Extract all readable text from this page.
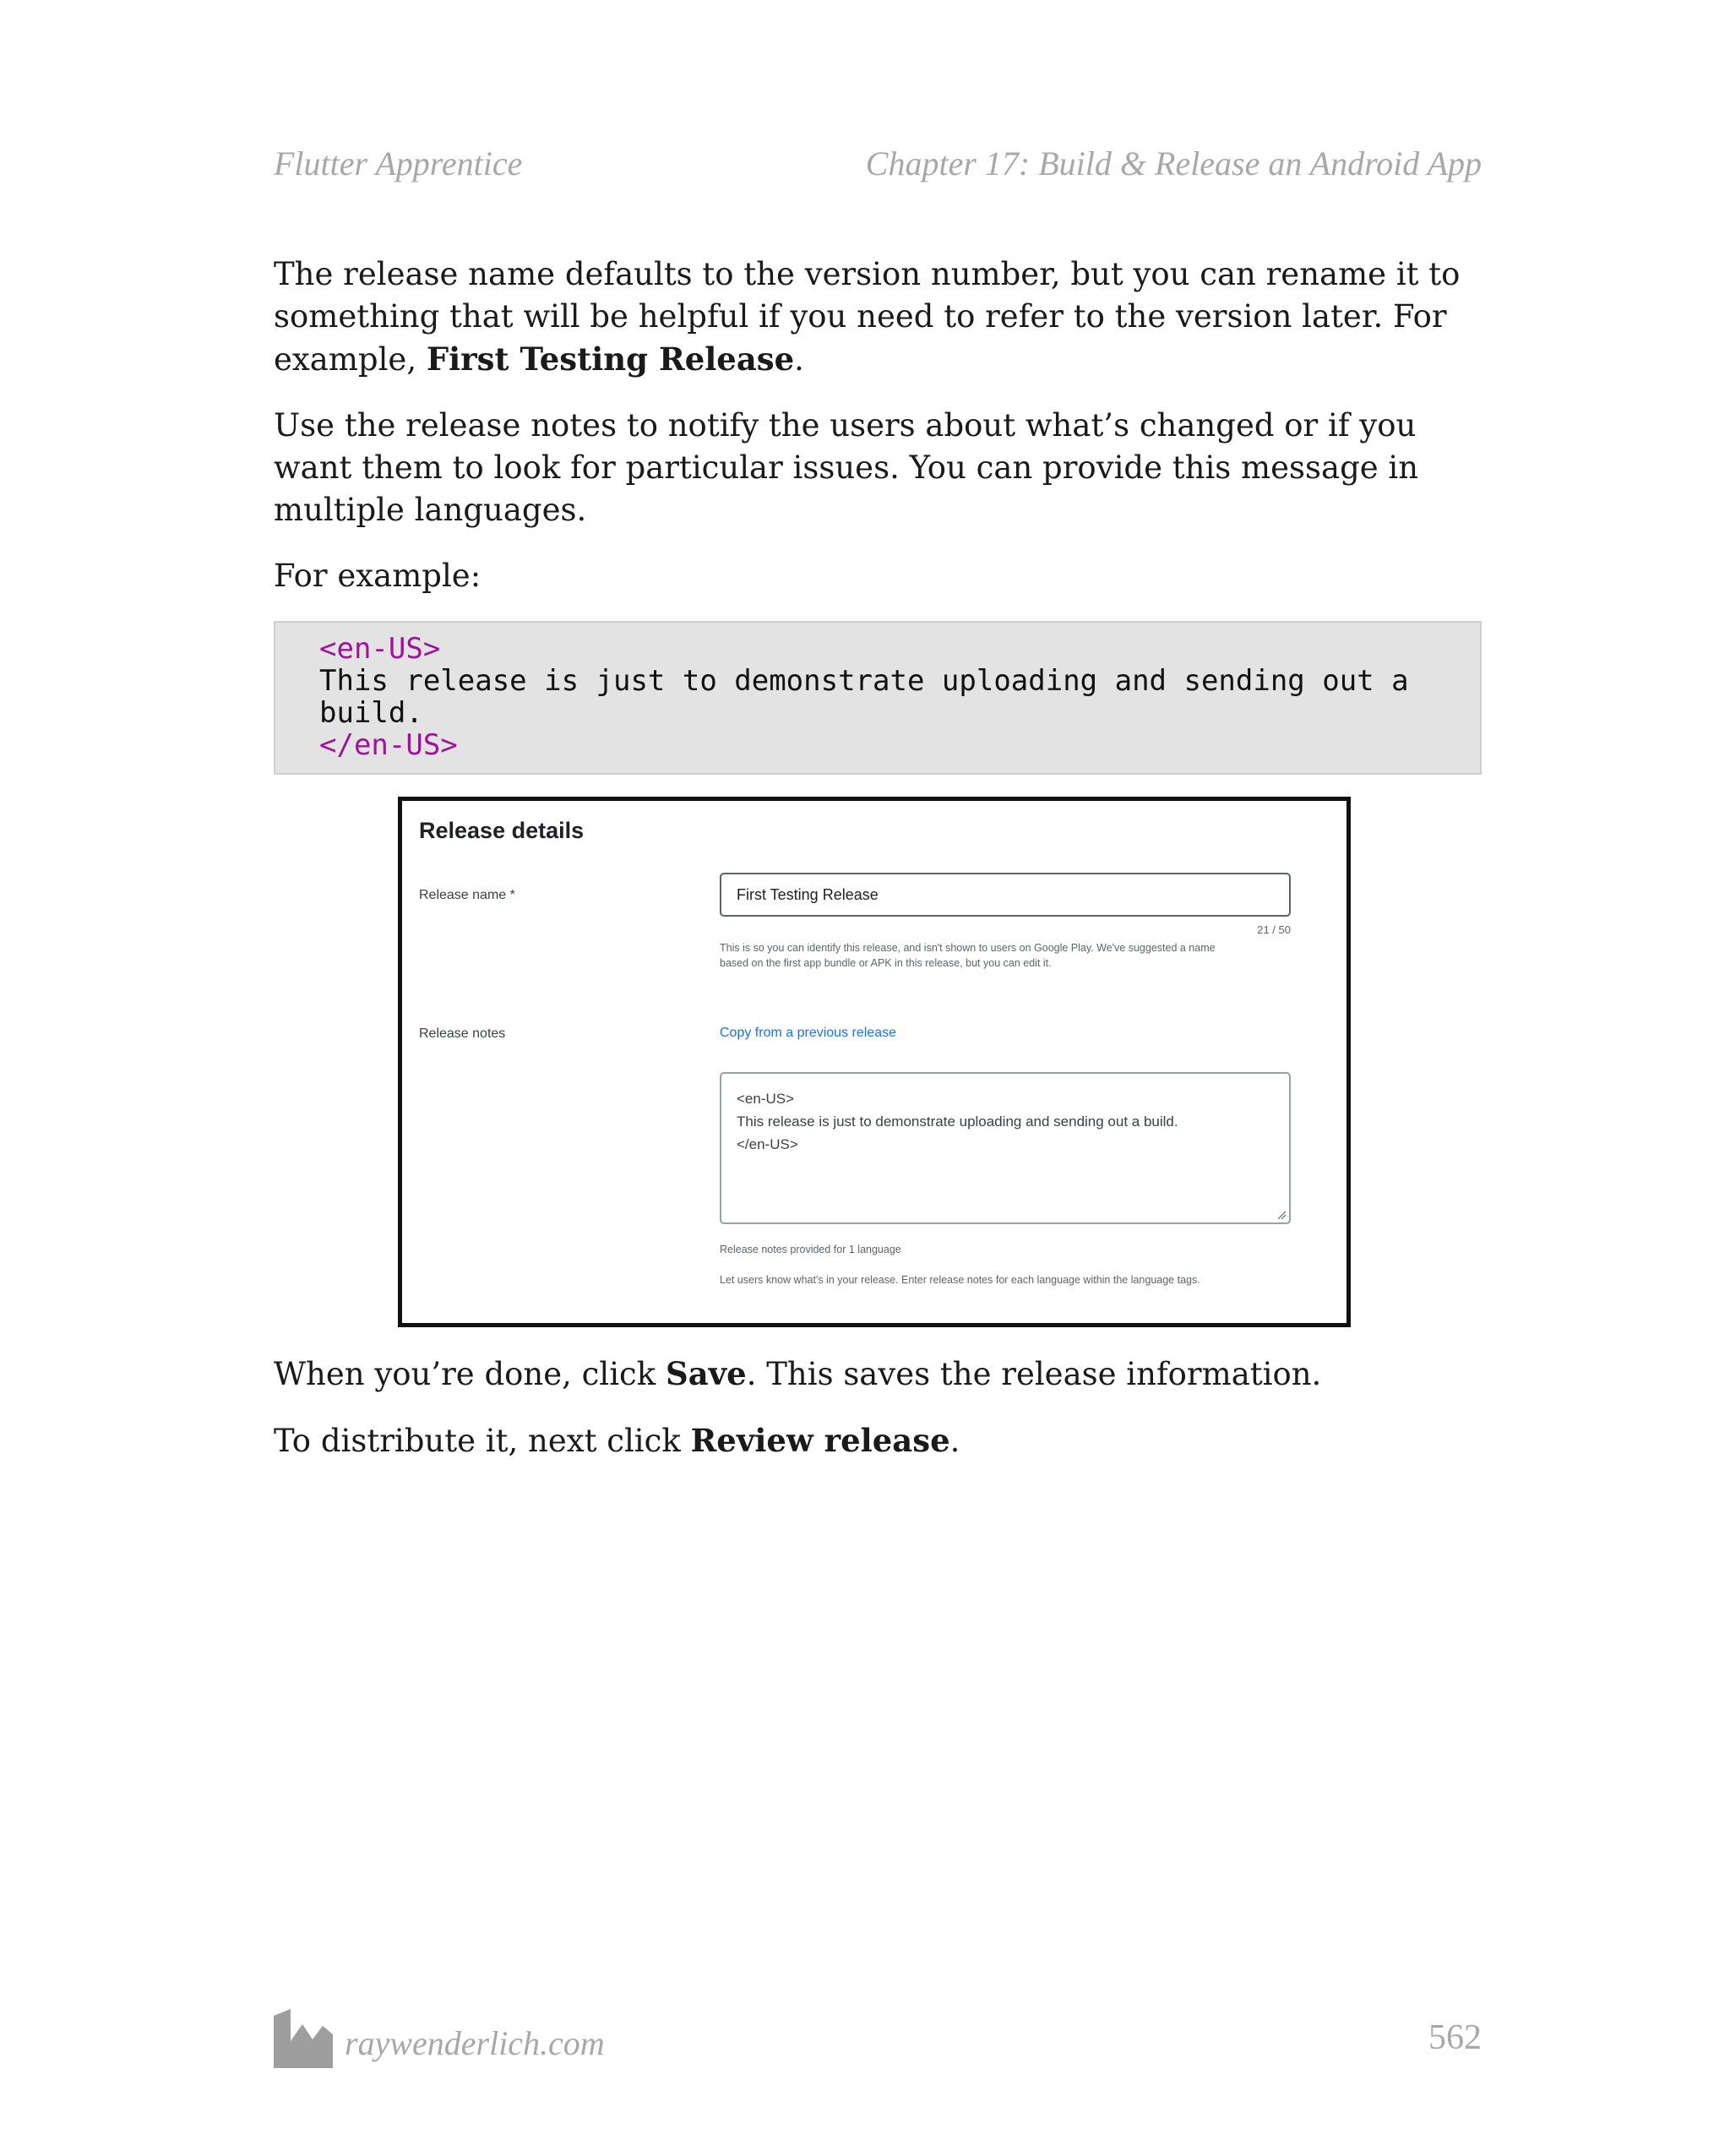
Flutter Apprentice	Chapter 17: Build & Release an Android App

The release name defaults to the version number, but you can rename it to something that will be helpful if you need to refer to the version later. For example, First Testing Release.

Use the release notes to notify the users about what’s changed or if you want them to look for particular issues. You can provide this message in multiple languages.

For example:

<en-US>
This release is just to demonstrate uploading and sending out a
build.
</en-US>
Release details
Release name *	First Testing Release
21 / 50
This is so you can identify this release, and isn't shown to users on Google Play. We've suggested a name
based on the first app bundle or APK in this release, but you can edit it.
Release notes	Copy from a previous release
<en-US>
This release is just to demonstrate uploading and sending out a build.
</en-US>
Release notes provided for 1 language
Let users know what's in your release. Enter release notes for each language within the language tags.

When you’re done, click Save. This saves the release information.

To distribute it, next click Review release.

raywenderlich.com	562
